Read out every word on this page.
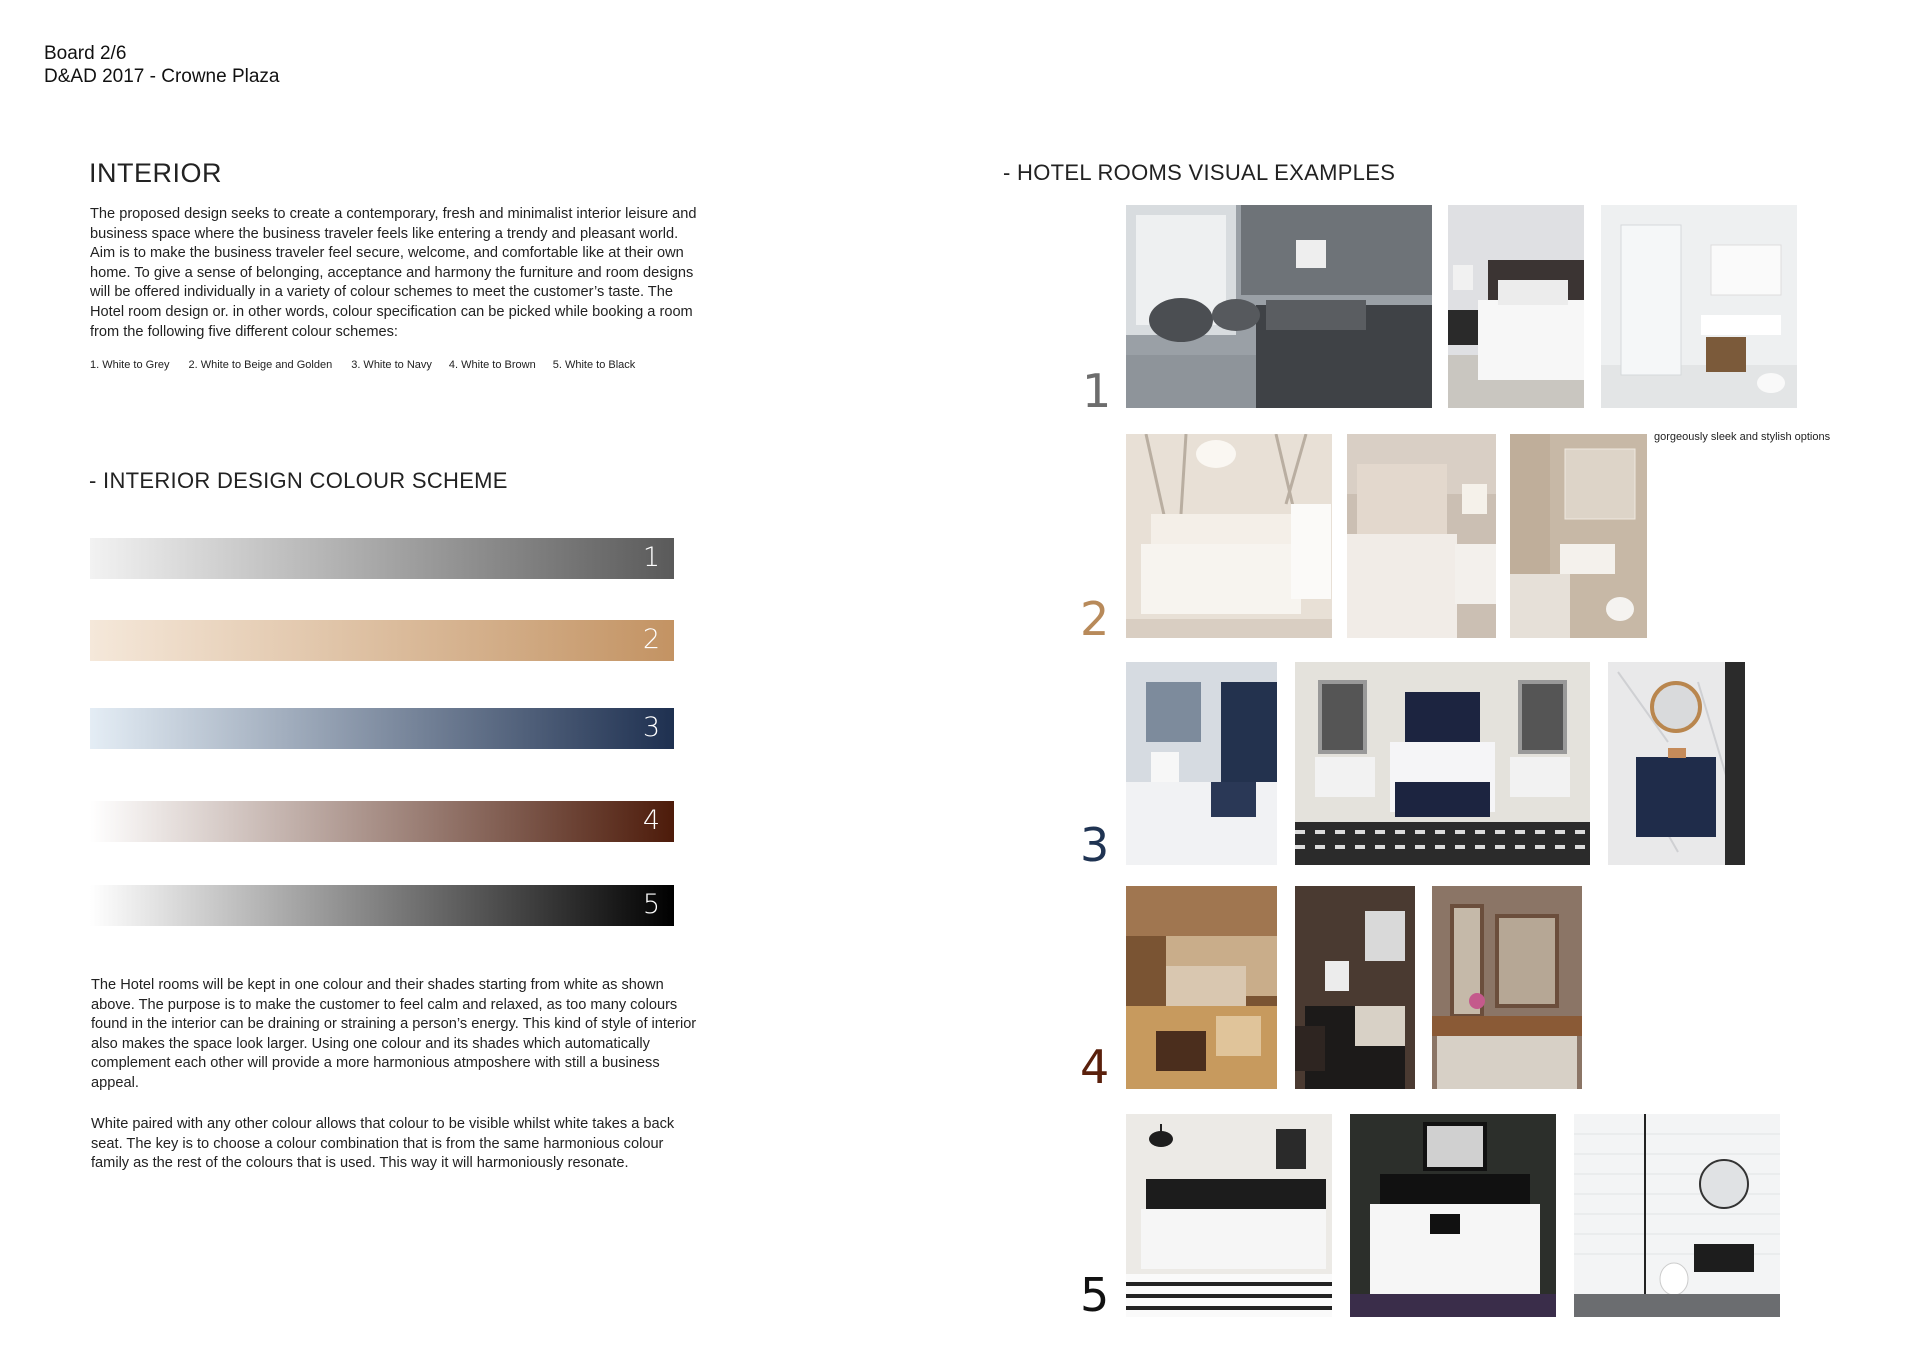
Board 2/6
D&AD 2017 - Crowne Plaza
INTERIOR

The proposed design seeks to create a contemporary, fresh and minimalist interior leisure and business space where the business traveler feels like entering a trendy and pleasant world. Aim is to make the business traveler feel secure, welcome, and comfortable like at their own home. To give a sense of belonging, acceptance and harmony the furniture and room designs will be offered individually in a variety of colour schemes to meet the customer’s taste. The Hotel room design or. in other words, colour specification can be picked while booking a room from the following five different colour schemes:

1. White to Grey 2. White to Beige and Golden 3. White to Navy 4. White to Brown 5. White to Black
- INTERIOR DESIGN COLOUR SCHEME
1
2
3
4
5

The Hotel rooms will be kept in one colour and their shades starting from white as shown above. The purpose is to make the customer to feel calm and relaxed, as too many colours found in the interior can be draining or straining a person’s energy. This kind of style of interior also makes the space look larger. Using one colour and its shades which automatically complement each other will provide a more harmonious atmposhere with still a business appeal.

White paired with any other colour allows that colour to be visible whilst white takes a back seat. The key is to choose a colour combination that is from the same harmonious colour family as the rest of the colours that is used. This way it will harmoniously resonate.

- HOTEL ROOMS VISUAL EXAMPLES
1
2
3
4
5
gorgeously sleek and stylish options
